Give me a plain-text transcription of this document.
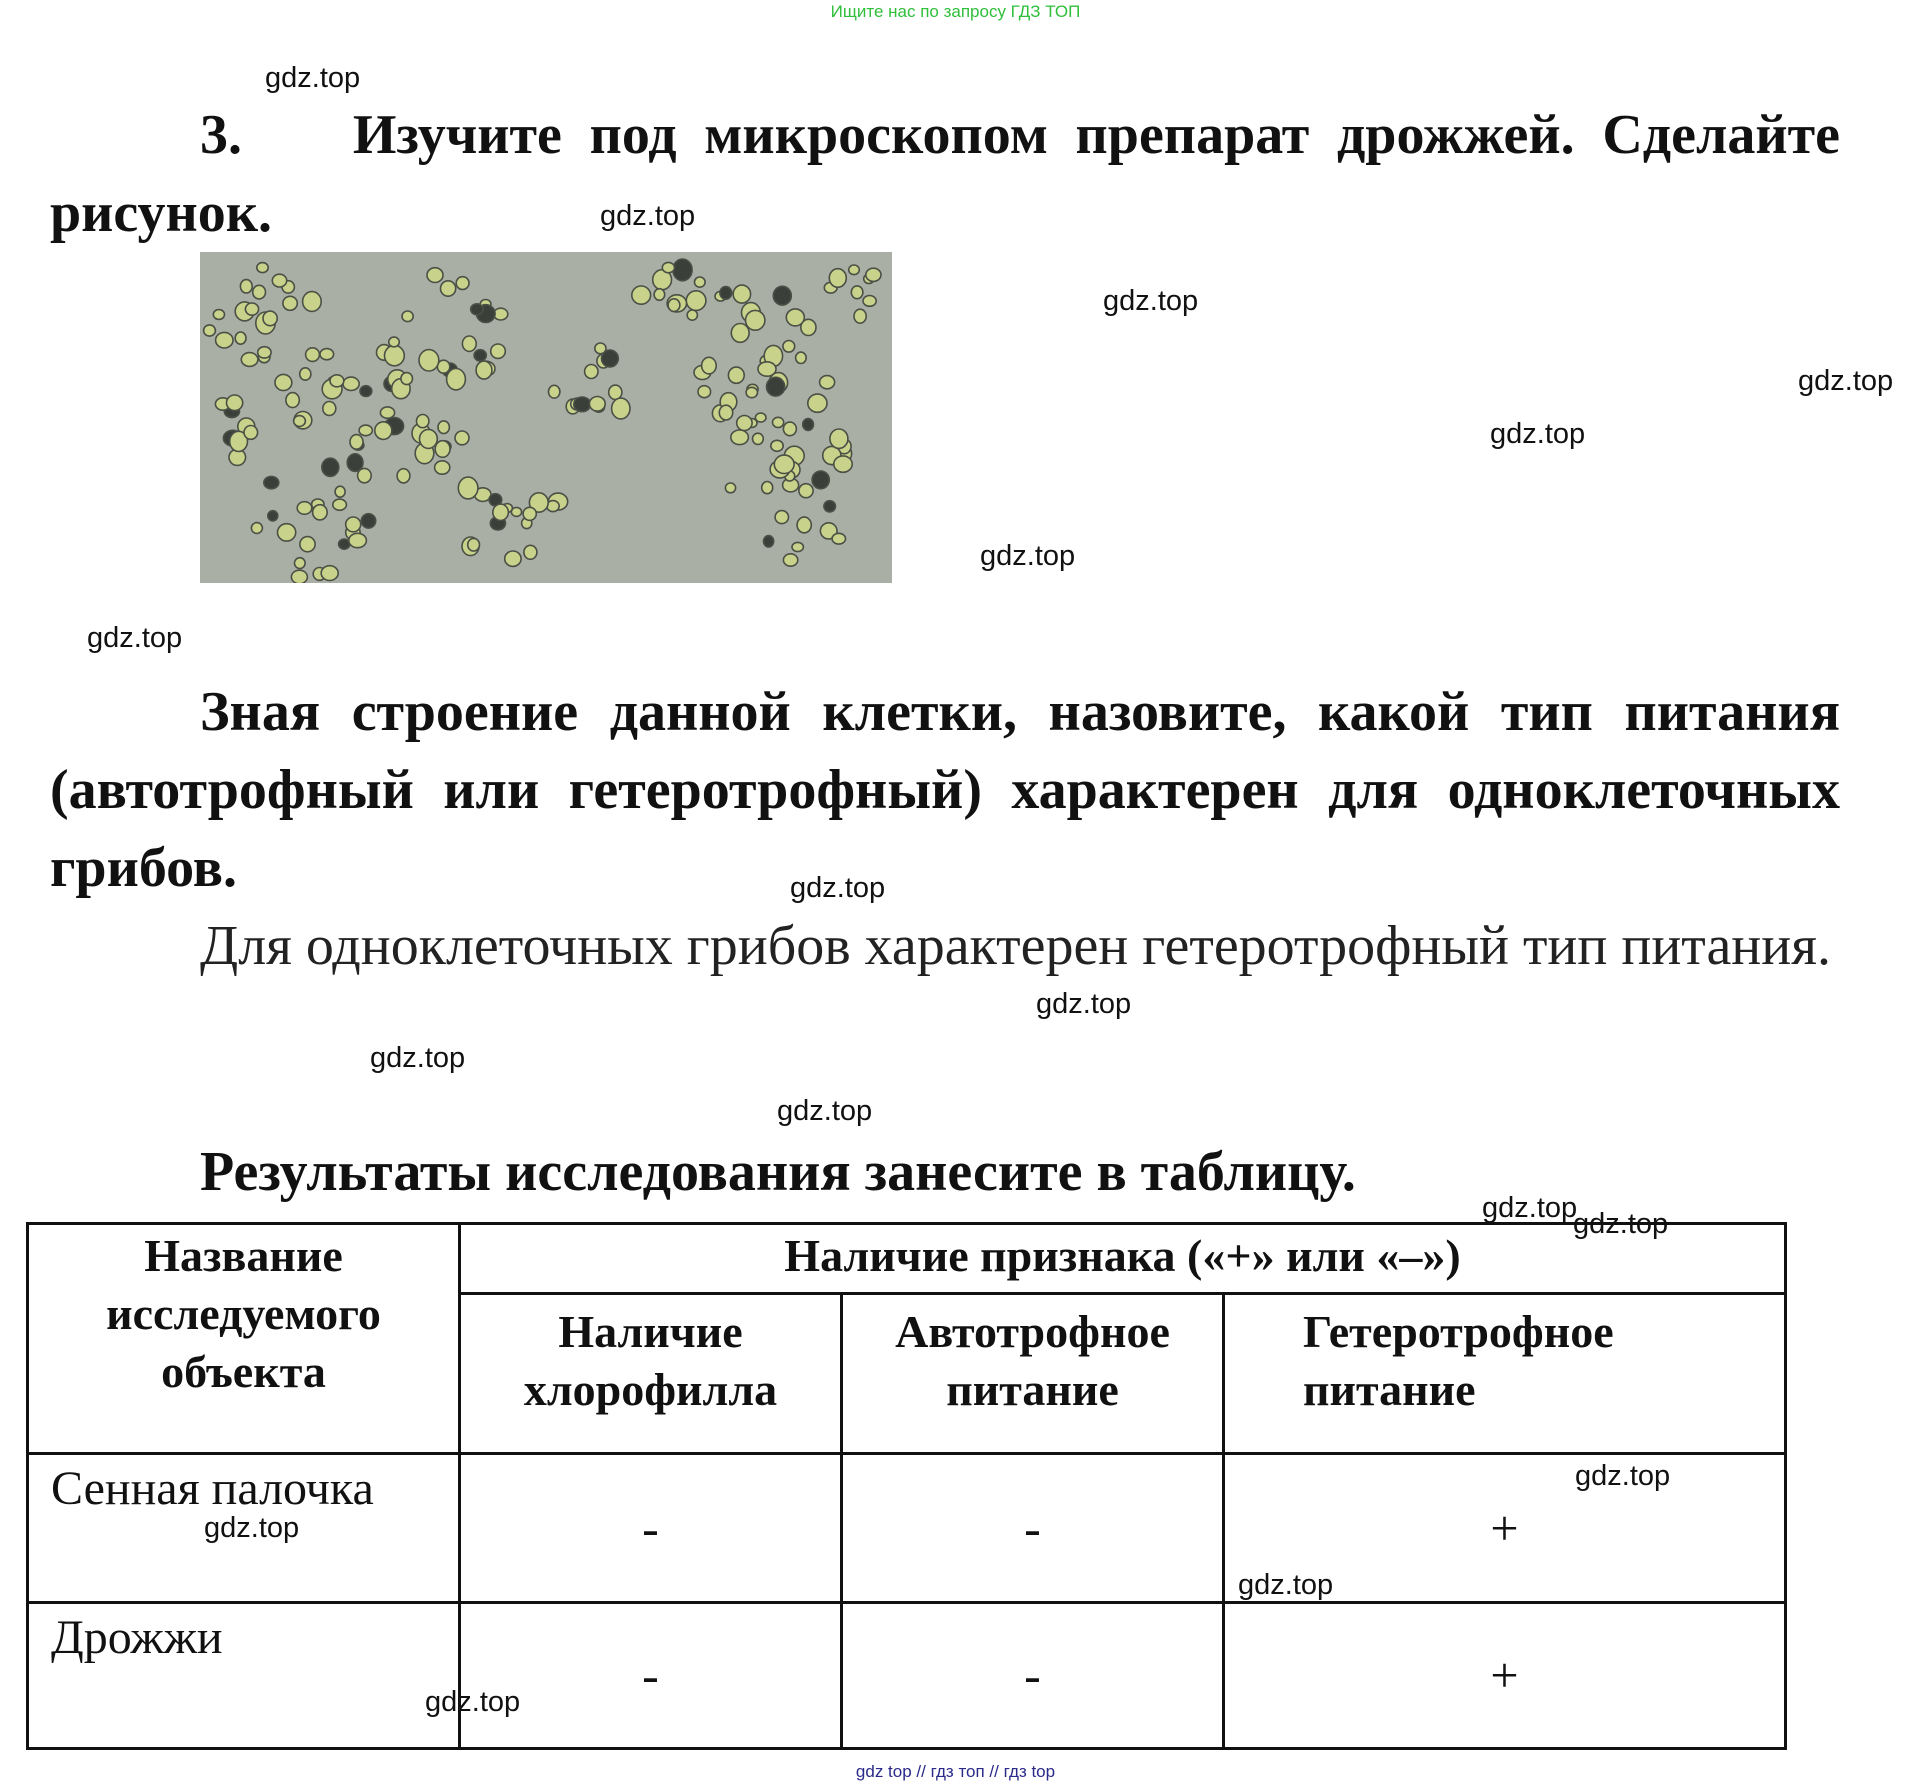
Ищите нас по запросу ГДЗ ТОП
gdz.top
gdz.top
gdz.top
gdz.top
gdz.top
gdz.top
gdz.top
gdz.top
gdz.top
gdz.top
gdz.top
gdz.top
3. Изучите под микроскопом препарат дрожжей. Сделайте рисунок.
Зная строение данной клетки, назовите, какой тип питания (автотрофный или гетеротрофный) характерен для одноклеточных грибов.
Для одноклеточных грибов характерен гетеротрофный тип питания.
Результаты исследования занесите в таблицу.
Название исследуемого объекта	Наличие признака («+» или «–»)		

	Наличие хлорофилла	Автотрофное питание	Гетеротрофное питание

Сенная палочка	-	-	+

Дрожжи	-	-	+
gdz.top
gdz.top
gdz.top
gdz.top
gdz.top
gdz top // гдз топ // гдз top
